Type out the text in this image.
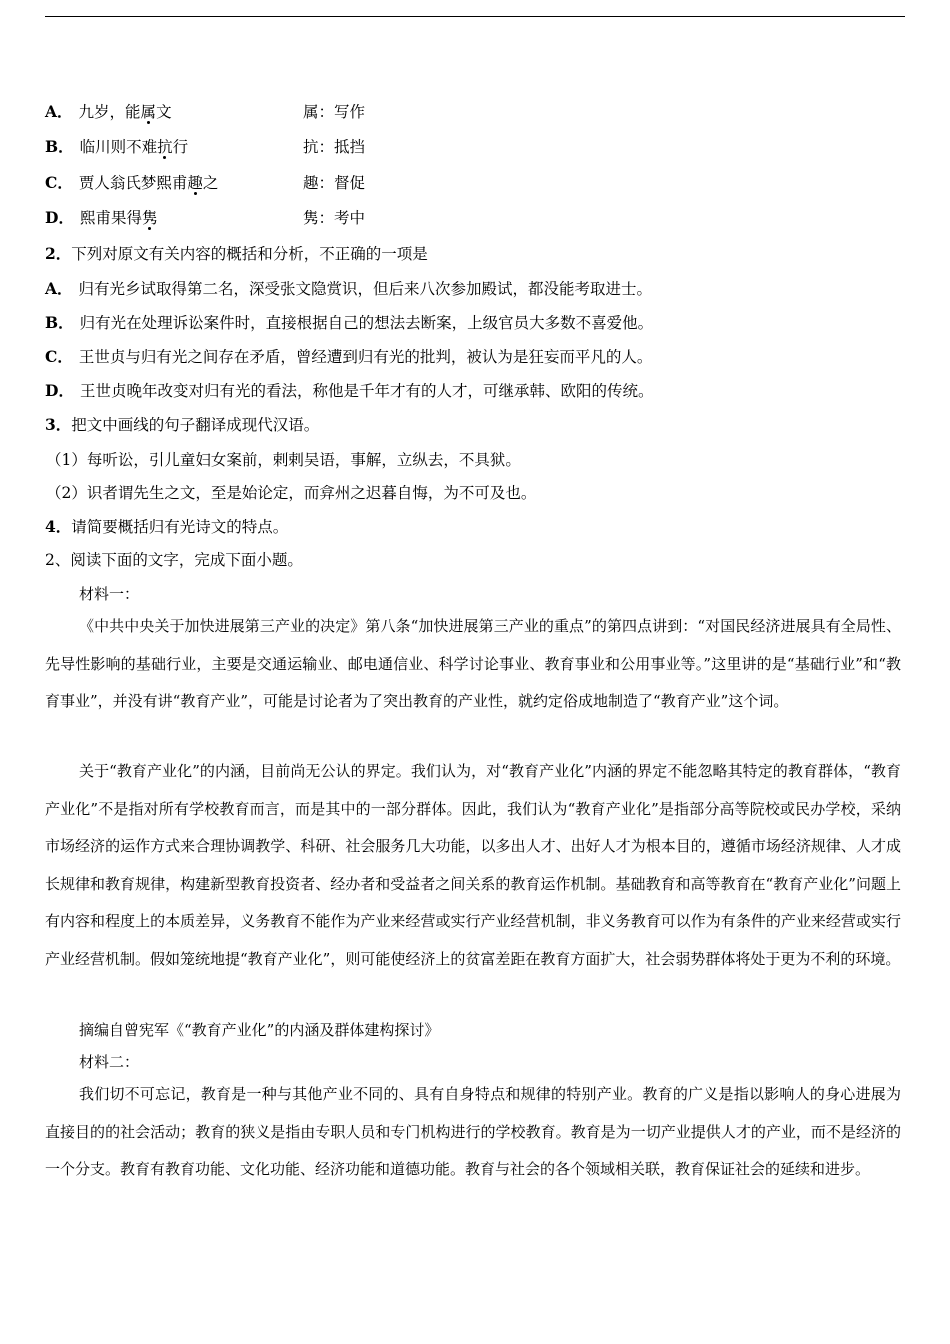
A． 九岁，能属文	属：写作
B． 临川则不难抗行	抗：抵挡
C． 贾人翁氏梦熙甫趣之	趣：督促
D． 熙甫果得隽	隽：考中
2．下列对原文有关内容的概括和分析，不正确的一项是
A． 归有光乡试取得第二名，深受张文隐赏识，但后来八次参加殿试，都没能考取进士。
B． 归有光在处理诉讼案件时，直接根据自己的想法去断案，上级官员大多数不喜爱他。
C． 王世贞与归有光之间存在矛盾，曾经遭到归有光的批判，被认为是狂妄而平凡的人。
D． 王世贞晚年改变对归有光的看法，称他是千年才有的人才，可继承韩、欧阳的传统。
3．把文中画线的句子翻译成现代汉语。
（1）每听讼，引儿童妇女案前，剌剌吴语，事解，立纵去，不具狱。
（2）识者谓先生之文，至是始论定，而弇州之迟暮自悔，为不可及也。
4．请简要概括归有光诗文的特点。
2、阅读下面的文字，完成下面小题。
材料一：
《中共中央关于加快进展第三产业的决定》第八条“加快进展第三产业的重点”的第四点讲到：“对国民经济进展具有全局性、先导性影响的基础行业，主要是交通运输业、邮电通信业、科学讨论事业、教育事业和公用事业等。”这里讲的是“基础行业”和“教育事业”，并没有讲“教育产业”，可能是讨论者为了突出教育的产业性，就约定俗成地制造了“教育产业”这个词。
关于“教育产业化”的内涵，目前尚无公认的界定。我们认为，对“教育产业化”内涵的界定不能忽略其特定的教育群体，“教育产业化”不是指对所有学校教育而言，而是其中的一部分群体。因此，我们认为“教育产业化”是指部分高等院校或民办学校，采纳市场经济的运作方式来合理协调教学、科研、社会服务几大功能，以多出人才、出好人才为根本目的，遵循市场经济规律、人才成长规律和教育规律，构建新型教育投资者、经办者和受益者之间关系的教育运作机制。基础教育和高等教育在“教育产业化”问题上有内容和程度上的本质差异，义务教育不能作为产业来经营或实行产业经营机制，非义务教育可以作为有条件的产业来经营或实行产业经营机制。假如笼统地提“教育产业化”，则可能使经济上的贫富差距在教育方面扩大，社会弱势群体将处于更为不利的环境。
摘编自曾宪军《“教育产业化”的内涵及群体建构探讨》
材料二：
我们切不可忘记，教育是一种与其他产业不同的、具有自身特点和规律的特别产业。教育的广义是指以影响人的身心进展为直接目的的社会活动；教育的狭义是指由专职人员和专门机构进行的学校教育。教育是为一切产业提供人才的产业，而不是经济的一个分支。教育有教育功能、文化功能、经济功能和道德功能。教育与社会的各个领域相关联，教育保证社会的延续和进步。
